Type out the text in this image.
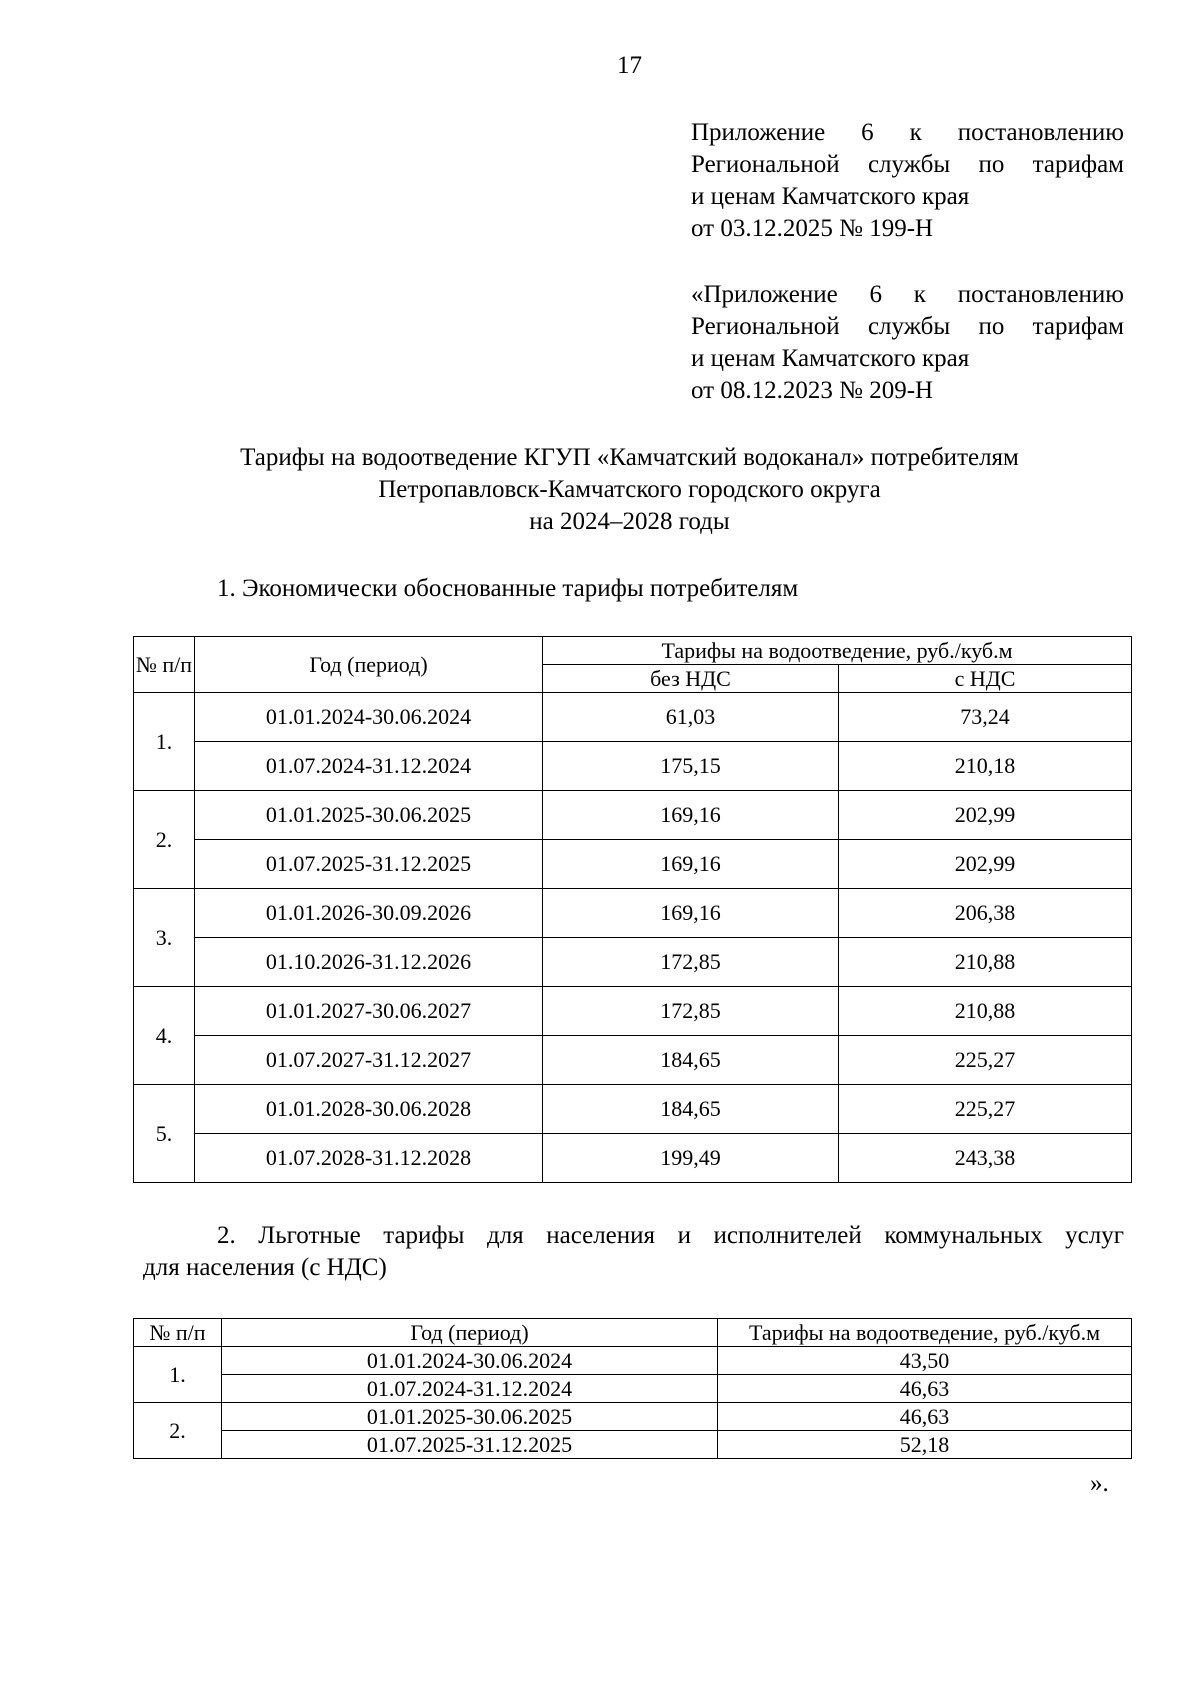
17
Приложение 6 к постановлению
Региональной службы по тарифам
и ценам Камчатского края
от 03.12.2025 № 199-Н
«Приложение 6 к постановлению
Региональной службы по тарифам
и ценам Камчатского края
от 08.12.2023 № 209-Н
Тарифы на водоотведение КГУП «Камчатский водоканал» потребителям
Петропавловск-Камчатского городского округа
на 2024–2028 годы
1. Экономически обоснованные тарифы потребителям
№ п/п	Год (период)	Тарифы на водоотведение, руб./куб.м	
		без НДС	с НДС
1.	01.01.2024-30.06.2024	61,03	73,24
	01.07.2024-31.12.2024	175,15	210,18
2.	01.01.2025-30.06.2025	169,16	202,99
	01.07.2025-31.12.2025	169,16	202,99
3.	01.01.2026-30.09.2026	169,16	206,38
	01.10.2026-31.12.2026	172,85	210,88
4.	01.01.2027-30.06.2027	172,85	210,88
	01.07.2027-31.12.2027	184,65	225,27
5.	01.01.2028-30.06.2028	184,65	225,27
	01.07.2028-31.12.2028	199,49	243,38
2. Льготные тарифы для населения и исполнителей коммунальных услуг
для населения (с НДС)
№ п/п	Год (период)	Тарифы на водоотведение, руб./куб.м
1.	01.01.2024-30.06.2024	43,50
	01.07.2024-31.12.2024	46,63
2.	01.01.2025-30.06.2025	46,63
	01.07.2025-31.12.2025	52,18
».
